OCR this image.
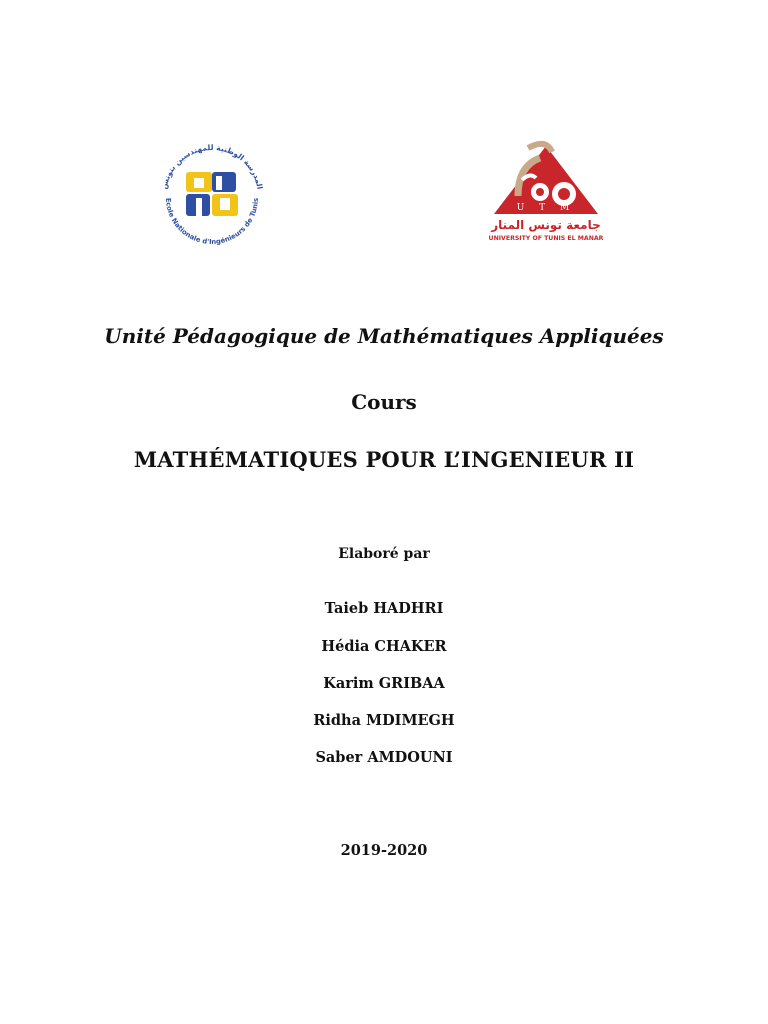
المدرسة الوطنية للمهندسين بتونس
Ecole Nationale d'Ingénieurs de Tunis
U T M
جامعة تونس المنار
UNIVERSITY OF TUNIS EL MANAR
Unité Pédagogique de Mathématiques Appliquées
Cours
MATHÉMATIQUES POUR L’INGENIEUR II
Elaboré par
Taieb HADHRI
Hédia CHAKER
Karim GRIBAA
Ridha MDIMEGH
Saber AMDOUNI
2019-2020
